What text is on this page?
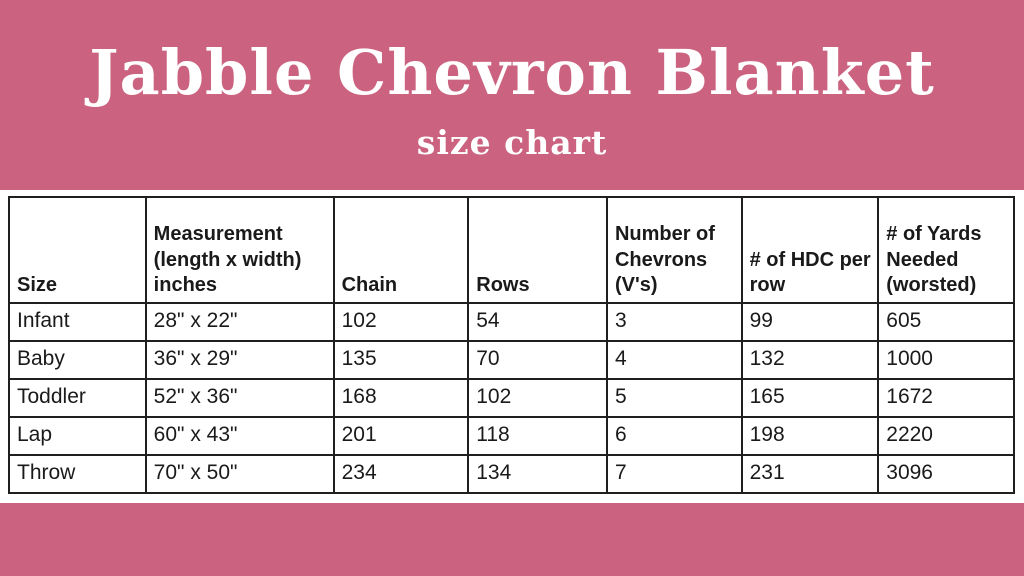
Jabble Chevron Blanket
size chart
Size	Measurement (length x width) inches	Chain	Rows	Number of Chevrons (V's)	# of HDC per row	# of Yards Needed (worsted)
Infant	28" x 22"	102	54	3	99	605
Baby	36" x 29"	135	70	4	132	1000
Toddler	52" x 36"	168	102	5	165	1672
Lap	60" x 43"	201	118	6	198	2220
Throw	70" x 50"	234	134	7	231	3096
